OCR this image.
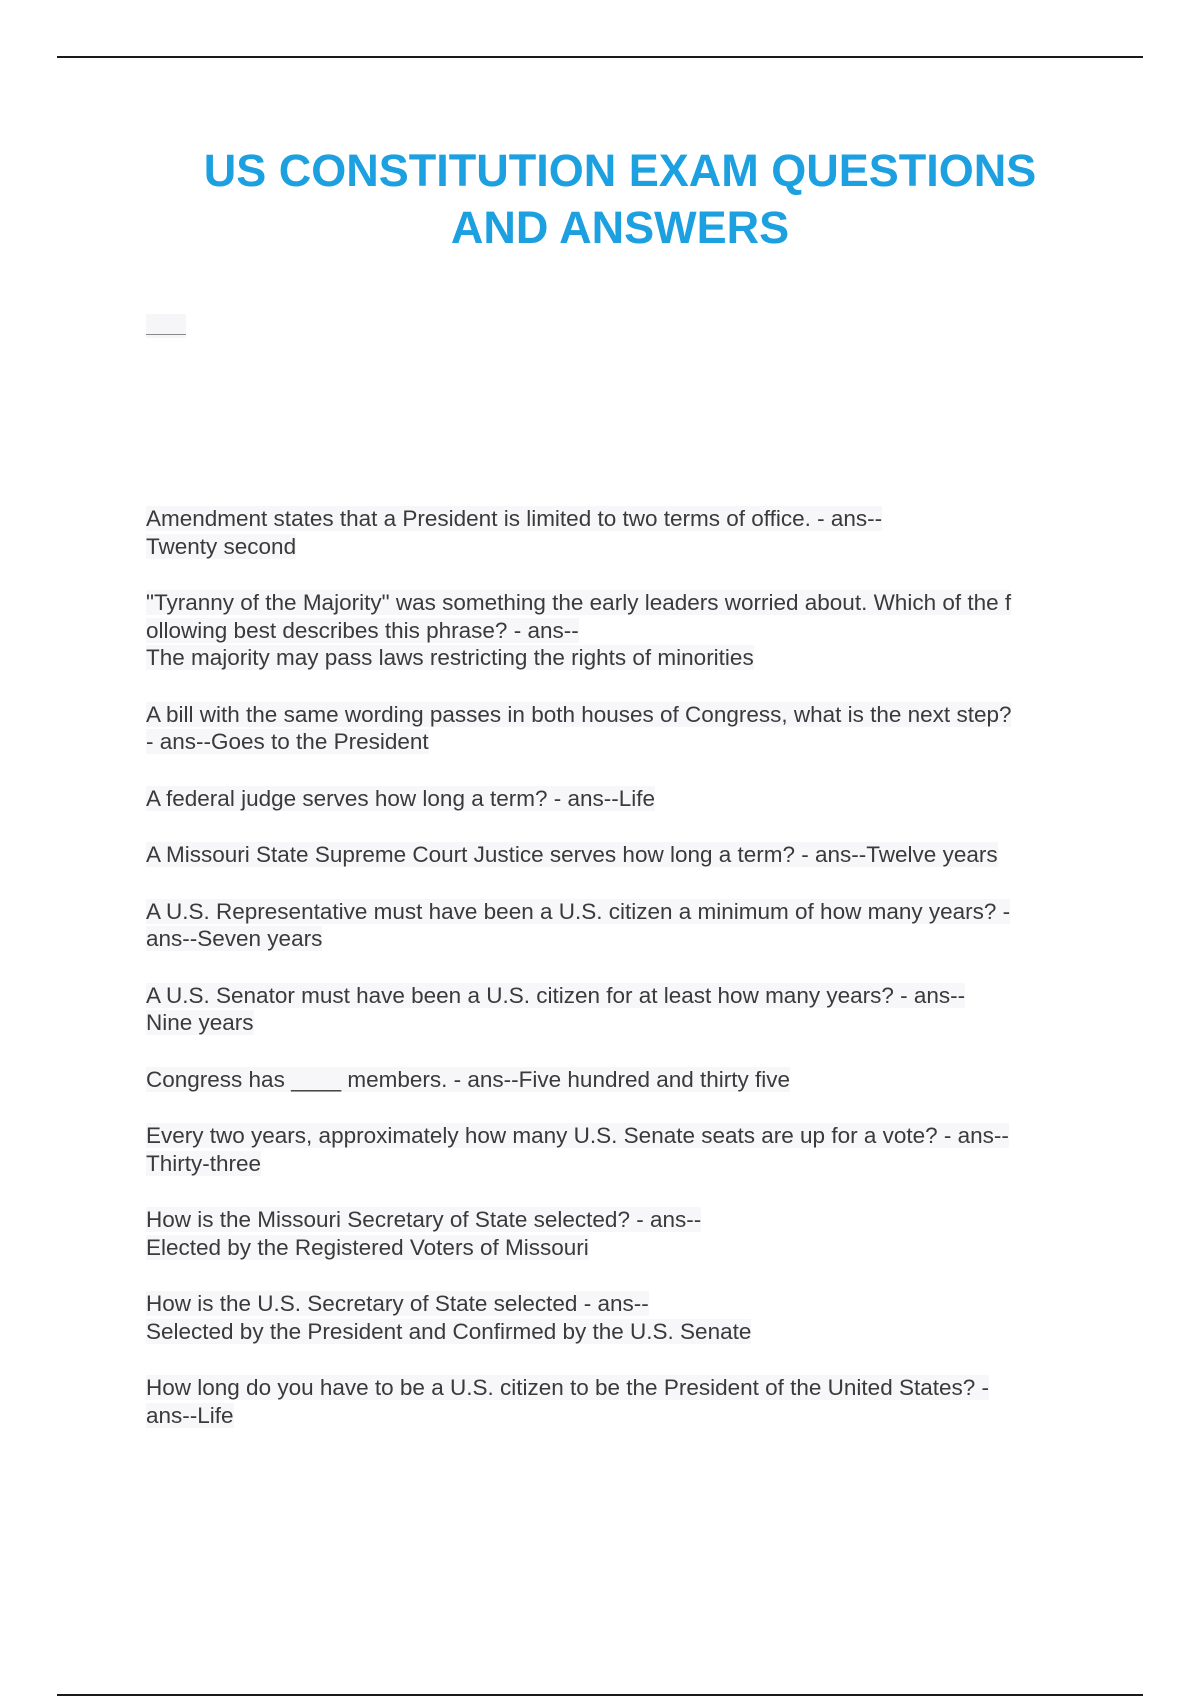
US CONSTITUTION EXAM QUESTIONS
AND ANSWERS
Amendment states that a President is limited to two terms of office. - ans--
Twenty second
"Tyranny of the Majority" was something the early leaders worried about. Which of the f
ollowing best describes this phrase? - ans--
The majority may pass laws restricting the rights of minorities
A bill with the same wording passes in both houses of Congress, what is the next step?
- ans--Goes to the President
A federal judge serves how long a term? - ans--Life
A Missouri State Supreme Court Justice serves how long a term? - ans--Twelve years
A U.S. Representative must have been a U.S. citizen a minimum of how many years? -
ans--Seven years
A U.S. Senator must have been a U.S. citizen for at least how many years? - ans--
Nine years
Congress has ____ members. - ans--Five hundred and thirty five
Every two years, approximately how many U.S. Senate seats are up for a vote? - ans--
Thirty-three
How is the Missouri Secretary of State selected? - ans--
Elected by the Registered Voters of Missouri
How is the U.S. Secretary of State selected - ans--
Selected by the President and Confirmed by the U.S. Senate
How long do you have to be a U.S. citizen to be the President of the United States? -
ans--Life
